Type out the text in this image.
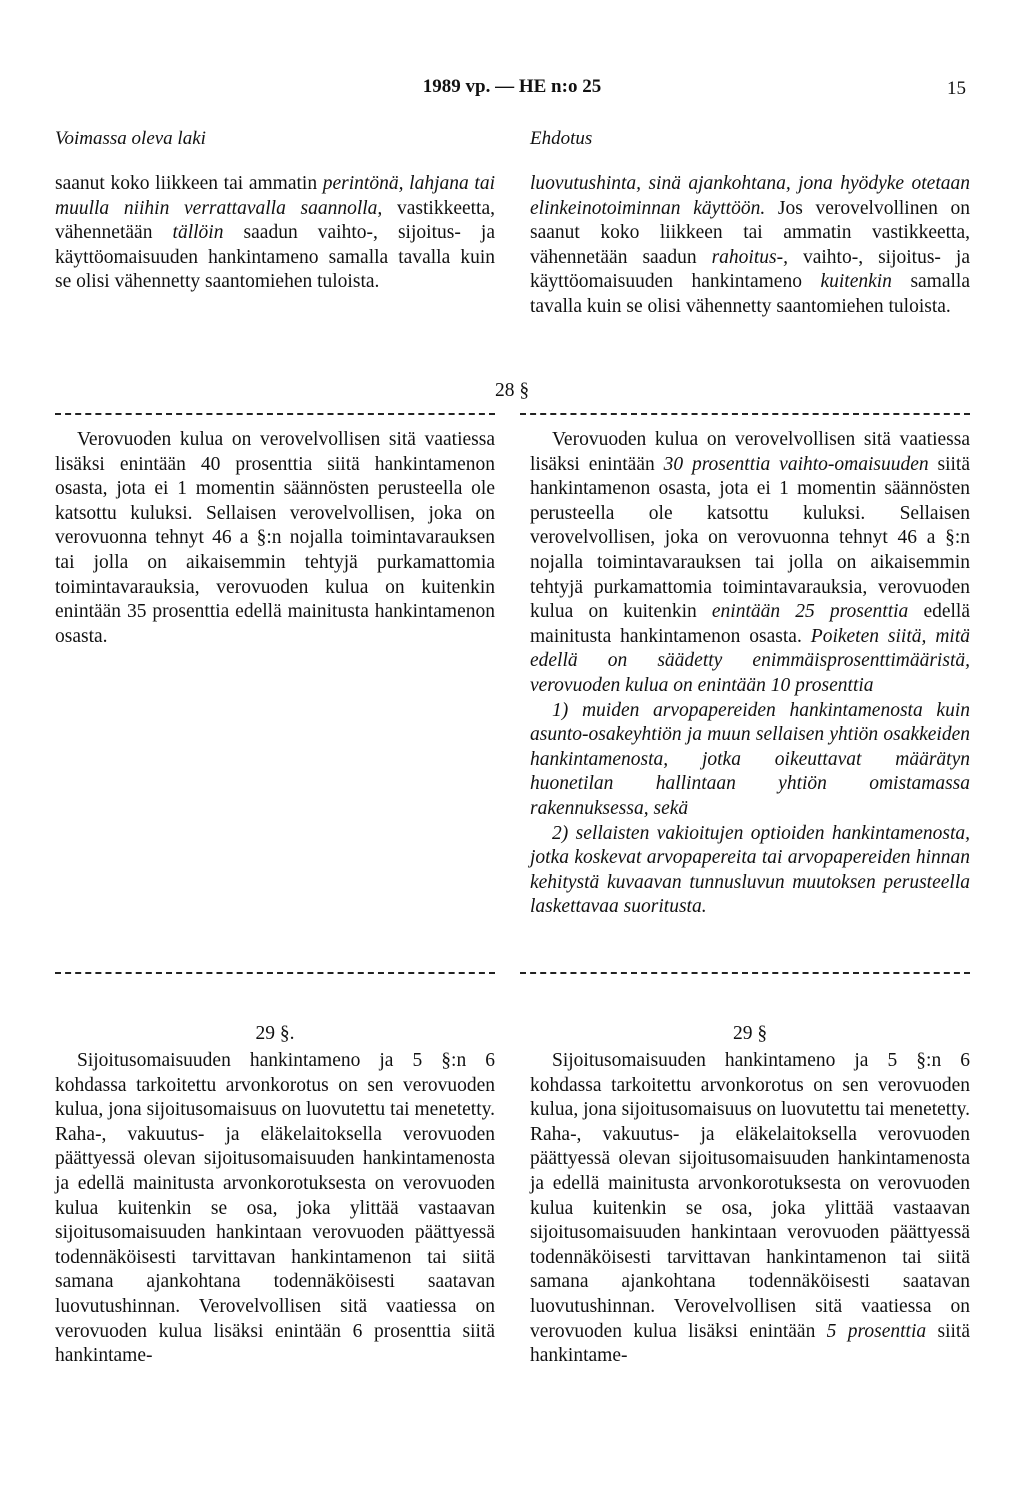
1989 vp. — HE n:o 25	15
Voimassa oleva laki	Ehdotus

saanut koko liikkeen tai ammatin perintönä, lahjana tai muulla niihin verrattavalla saannolla, vastikkeetta, vähennetään tällöin saadun vaihto-, sijoitus- ja käyttöomaisuuden hankintameno samalla tavalla kuin se olisi vähennetty saantomiehen tuloista.

luovutushinta, sinä ajankohtana, jona hyödyke otetaan elinkeinotoiminnan käyttöön. Jos verovelvollinen on saanut koko liikkeen tai ammatin vastikkeetta, vähennetään saadun rahoitus-, vaihto-, sijoitus- ja käyttöomaisuuden hankintameno kuitenkin samalla tavalla kuin se olisi vähennetty saantomiehen tuloista.

28 §

Verovuoden kulua on verovelvollisen sitä vaatiessa lisäksi enintään 40 prosenttia siitä hankintamenon osasta, jota ei 1 momentin säännösten perusteella ole katsottu kuluksi. Sellaisen verovelvollisen, joka on verovuonna tehnyt 46 a §:n nojalla toimintavarauksen tai jolla on aikaisemmin tehtyjä purkamattomia toimintavarauksia, verovuoden kulua on kuitenkin enintään 35 prosenttia edellä mainitusta hankintamenon osasta.

Verovuoden kulua on verovelvollisen sitä vaatiessa lisäksi enintään 30 prosenttia vaihto-omaisuuden siitä hankintamenon osasta, jota ei 1 momentin säännösten perusteella ole katsottu kuluksi. Sellaisen verovelvollisen, joka on verovuonna tehnyt 46 a §:n nojalla toimintavarauksen tai jolla on aikaisemmin tehtyjä purkamattomia toimintavarauksia, verovuoden kulua on kuitenkin enintään 25 prosenttia edellä mainitusta hankintamenon osasta. Poiketen siitä, mitä edellä on säädetty enimmäisprosenttimääristä, verovuoden kulua on enintään 10 prosenttia

1) muiden arvopapereiden hankintamenosta kuin asunto-osakeyhtiön ja muun sellaisen yhtiön osakkeiden hankintamenosta, jotka oikeuttavat määrätyn huonetilan hallintaan yhtiön omistamassa rakennuksessa, sekä

2) sellaisten vakioitujen optioiden hankintamenosta, jotka koskevat arvopapereita tai arvopapereiden hinnan kehitystä kuvaavan tunnusluvun muutoksen perusteella laskettavaa suoritusta.

29 §.	29 §

Sijoitusomaisuuden hankintameno ja 5 §:n 6 kohdassa tarkoitettu arvonkorotus on sen verovuoden kulua, jona sijoitusomaisuus on luovutettu tai menetetty. Raha-, vakuutus- ja eläkelaitoksella verovuoden päättyessä olevan sijoitusomaisuuden hankintamenosta ja edellä mainitusta arvonkorotuksesta on verovuoden kulua kuitenkin se osa, joka ylittää vastaavan sijoitusomaisuuden hankintaan verovuoden päättyessä todennäköisesti tarvittavan hankintamenon tai siitä samana ajankohtana todennäköisesti saatavan luovutushinnan. Verovelvollisen sitä vaatiessa on verovuoden kulua lisäksi enintään 6 prosenttia siitä hankintame-

Sijoitusomaisuuden hankintameno ja 5 §:n 6 kohdassa tarkoitettu arvonkorotus on sen verovuoden kulua, jona sijoitusomaisuus on luovutettu tai menetetty. Raha-, vakuutus- ja eläkelaitoksella verovuoden päättyessä olevan sijoitusomaisuuden hankintamenosta ja edellä mainitusta arvonkorotuksesta on verovuoden kulua kuitenkin se osa, joka ylittää vastaavan sijoitusomaisuuden hankintaan verovuoden päättyessä todennäköisesti tarvittavan hankintamenon tai siitä samana ajankohtana todennäköisesti saatavan luovutushinnan. Verovelvollisen sitä vaatiessa on verovuoden kulua lisäksi enintään 5 prosenttia siitä hankintame-
